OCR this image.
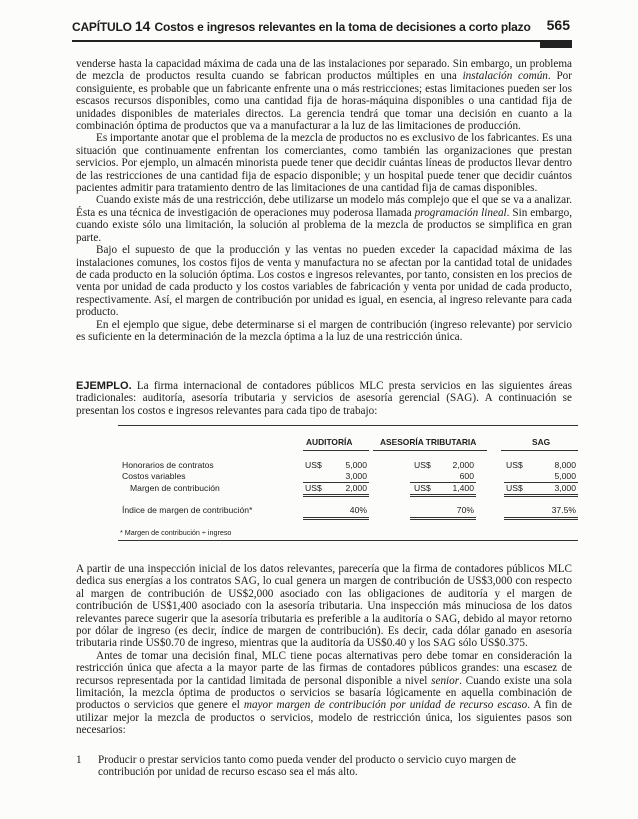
CAPÍTULO 14 Costos e ingresos relevantes en la toma de decisiones a corto plazo 565

venderse hasta la capacidad máxima de cada una de las instalaciones por separado. Sin embargo, un problema de mezcla de productos resulta cuando se fabrican productos múltiples en una instalación común. Por consiguiente, es probable que un fabricante enfrente una o más restricciones; estas limitaciones pueden ser los escasos recursos disponibles, como una cantidad fija de horas-máquina disponibles o una cantidad fija de unidades disponibles de materiales directos. La gerencia tendrá que tomar una decisión en cuanto a la combinación óptima de productos que va a manufacturar a la luz de las limitaciones de producción.

Es importante anotar que el problema de la mezcla de productos no es exclusivo de los fabricantes. Es una situación que continuamente enfrentan los comerciantes, como también las organizaciones que prestan servicios. Por ejemplo, un almacén minorista puede tener que decidir cuántas líneas de productos llevar dentro de las restricciones de una cantidad fija de espacio disponible; y un hospital puede tener que decidir cuántos pacientes admitir para tratamiento dentro de las limitaciones de una cantidad fija de camas disponibles.

Cuando existe más de una restricción, debe utilizarse un modelo más complejo que el que se va a analizar. Ésta es una técnica de investigación de operaciones muy poderosa llamada programación lineal. Sin embargo, cuando existe sólo una limitación, la solución al problema de la mezcla de productos se simplifica en gran parte.

Bajo el supuesto de que la producción y las ventas no pueden exceder la capacidad máxima de las instalaciones comunes, los costos fijos de venta y manufactura no se afectan por la cantidad total de unidades de cada producto en la solución óptima. Los costos e ingresos relevantes, por tanto, consisten en los precios de venta por unidad de cada producto y los costos variables de fabricación y venta por unidad de cada producto, respectivamente. Así, el margen de contribución por unidad es igual, en esencia, al ingreso relevante para cada producto.

En el ejemplo que sigue, debe determinarse si el margen de contribución (ingreso relevante) por servicio es suficiente en la determinación de la mezcla óptima a la luz de una restricción única.

EJEMPLO. La firma internacional de contadores públicos MLC presta servicios en las siguientes áreas tradicionales: auditoría, asesoría tributaria y servicios de asesoría gerencial (SAG). A continuación se presentan los costos e ingresos relevantes para cada tipo de trabajo:

AUDITORÍA	ASESORÍA TRIBUTARIA	SAG
Honorarios de contratos	US$	5,000	US$	2,000	US$	8,000
Costos variables	3,000	600	5,000
Margen de contribución	US$	2,000	US$	1,400	US$	3,000
Índice de margen de contribución*	40%	70%	37.5%
* Margen de contribución ÷ ingreso

A partir de una inspección inicial de los datos relevantes, parecería que la firma de contadores públicos MLC dedica sus energías a los contratos SAG, lo cual genera un margen de contribución de US$3,000 con respecto al margen de contribución de US$2,000 asociado con las obligaciones de auditoría y el margen de contribución de US$1,400 asociado con la asesoría tributaria. Una inspección más minuciosa de los datos relevantes parece sugerir que la asesoría tributaria es preferible a la auditoría o SAG, debido al mayor retorno por dólar de ingreso (es decir, índice de margen de contribución). Es decir, cada dólar ganado en asesoría tributaria rinde US$0.70 de ingreso, mientras que la auditoría da US$0.40 y los SAG sólo US$0.375.

Antes de tomar una decisión final, MLC tiene pocas alternativas pero debe tomar en consideración la restricción única que afecta a la mayor parte de las firmas de contadores públicos grandes: una escasez de recursos representada por la cantidad limitada de personal disponible a nivel senior. Cuando existe una sola limitación, la mezcla óptima de productos o servicios se basaría lógicamente en aquella combinación de productos o servicios que genere el mayor margen de contribución por unidad de recurso escaso. A fin de utilizar mejor la mezcla de productos o servicios, modelo de restricción única, los siguientes pasos son necesarios:

1 Producir o prestar servicios tanto como pueda vender del producto o servicio cuyo margen de contribución por unidad de recurso escaso sea el más alto.
